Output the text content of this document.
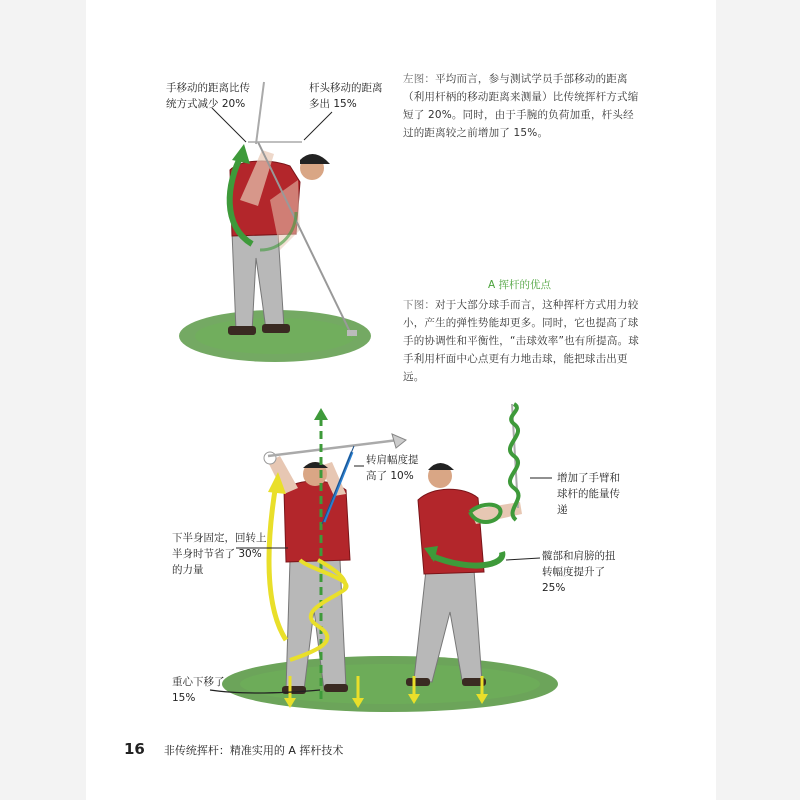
手移动的距离比传统方式减少 20%
杆头移动的距离多出 15%
左图：平均而言，参与测试学员手部移动的距离（利用杆柄的移动距离来测量）比传统挥杆方式缩短了 20%。同时，由于手腕的负荷加重，杆头经过的距离较之前增加了 15%。
A 挥杆的优点
下图：对于大部分球手而言，这种挥杆方式用力较小，产生的弹性势能却更多。同时，它也提高了球手的协调性和平衡性，“击球效率”也有所提高。球手利用杆面中心点更有力地击球，能把球击出更远。
转肩幅度提高了 10%
下半身固定，回转上半身时节省了 30% 的力量
重心下移了 15%
增加了手臂和球杆的能量传递
髋部和肩膀的扭转幅度提升了 25%
16 非传统挥杆：精准实用的 A 挥杆技术
